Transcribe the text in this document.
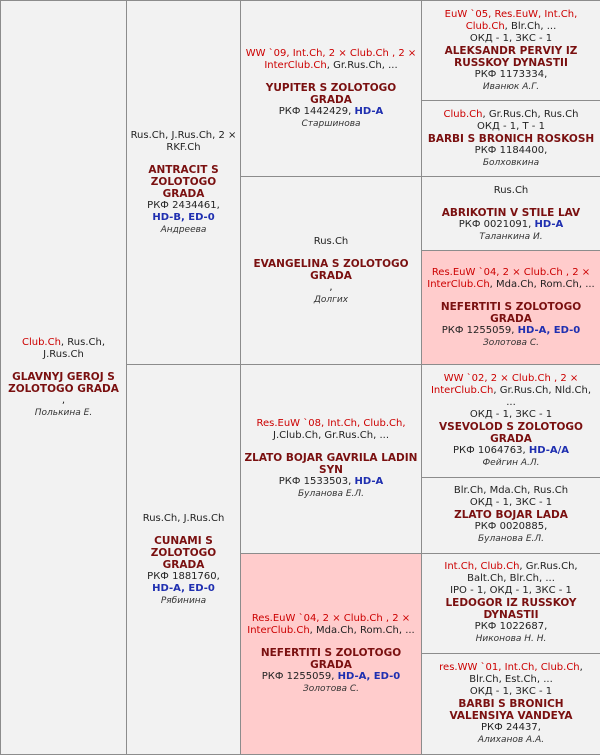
Club.Ch, Rus.Ch, J.Rus.Ch
GLAVNYJ GEROJ S ZOLOTOGO GRADA
,
Полькина Е.	Rus.Ch, J.Rus.Ch, 2 × RKF.Ch
ANTRACIT S ZOLOTOGO GRADA
РКФ 2434461,
HD-B, ED-0
Андреева	WW `09, Int.Ch, 2 × Club.Ch , 2 × InterClub.Ch, Gr.Rus.Ch, ...
YUPITER S ZOLOTOGO GRADA
РКФ 1442429, HD-A
Старшинова	EuW `05, Res.EuW, Int.Ch, Club.Ch, Blr.Ch, ...
ОКД - 1, ЗКС - 1
ALEKSANDR PERVIY IZ RUSSKOY DYNASTII
РКФ 1173334,
Иванюк А.Г.

			Club.Ch, Gr.Rus.Ch, Rus.Ch
ОКД - 1, Т - 1
BARBI S BRONICH ROSKOSH
РКФ 1184400,
Болховкина

		Rus.Ch
EVANGELINA S ZOLOTOGO GRADA
,
Долгих	Rus.Ch
ABRIKOTIN V STILE LAV
РКФ 0021091, HD-A
Таланкина И.

			Res.EuW `04, 2 × Club.Ch , 2 × InterClub.Ch, Mda.Ch, Rom.Ch, ...
NEFERTITI S ZOLOTOGO GRADA
РКФ 1255059, HD-A, ED-0
Золотова С.

	Rus.Ch, J.Rus.Ch
CUNAMI S ZOLOTOGO GRADA
РКФ 1881760,
HD-A, ED-0
Рябинина	Res.EuW `08, Int.Ch, Club.Ch, J.Club.Ch, Gr.Rus.Ch, ...
ZLATO BOJAR GAVRILA LADIN SYN
РКФ 1533503, HD-A
Буланова Е.Л.	WW `02, 2 × Club.Ch , 2 × InterClub.Ch, Gr.Rus.Ch, Nld.Ch, ...
ОКД - 1, ЗКС - 1
VSEVOLOD S ZOLOTOGO GRADA
РКФ 1064763, HD-A/A
Фейгин А.Л.

			Blr.Ch, Mda.Ch, Rus.Ch
ОКД - 1, ЗКС - 1
ZLATO BOJAR LADA
РКФ 0020885,
Буланова Е.Л.

		Res.EuW `04, 2 × Club.Ch , 2 × InterClub.Ch, Mda.Ch, Rom.Ch, ...
NEFERTITI S ZOLOTOGO GRADA
РКФ 1255059, HD-A, ED-0
Золотова С.	Int.Ch, Club.Ch, Gr.Rus.Ch, Balt.Ch, Blr.Ch, ...
IPO - 1, ОКД - 1, ЗКС - 1
LEDOGOR IZ RUSSKOY DYNASTII
РКФ 1022687,
Никонова Н. Н.

			res.WW `01, Int.Ch, Club.Ch, Blr.Ch, Est.Ch, ...
ОКД - 1, ЗКС - 1
BARBI S BRONICH VALENSIYA VANDEYA
РКФ 24437,
Алиханов А.А.
